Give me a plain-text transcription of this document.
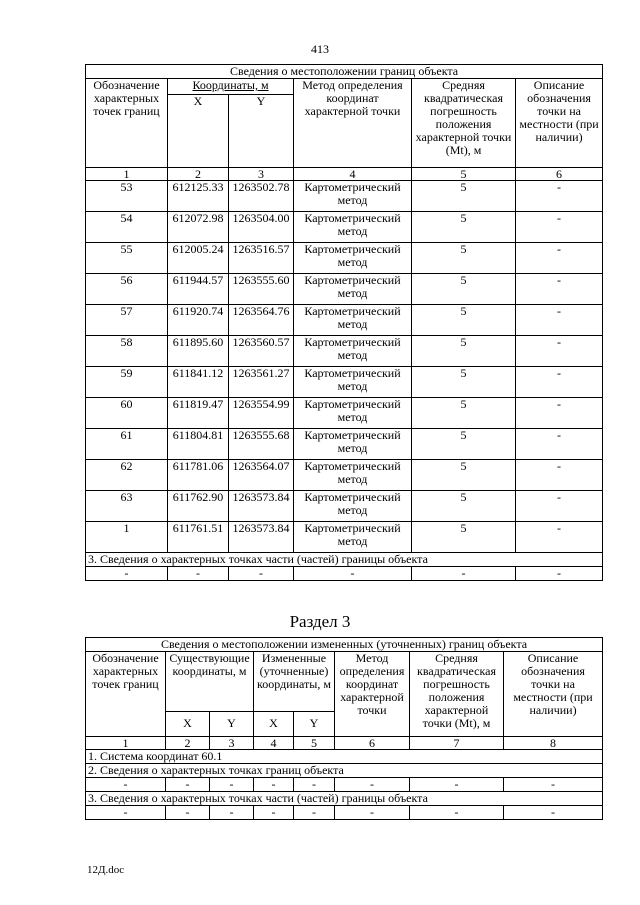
413
Сведения о местоположении границ объекта					
Обозначение характерных точек границ	Координаты, м		Метод определения координат характерной точки	Средняя квадратическая погрешность положения характерной точки (Mt), м	Описание обозначения точки на местности (при наличии)
	X	Y			
1	2	3	4	5	6
53	612125.33	1263502.78	Картометрический метод	5	-
54	612072.98	1263504.00	Картометрический метод	5	-
55	612005.24	1263516.57	Картометрический метод	5	-
56	611944.57	1263555.60	Картометрический метод	5	-
57	611920.74	1263564.76	Картометрический метод	5	-
58	611895.60	1263560.57	Картометрический метод	5	-
59	611841.12	1263561.27	Картометрический метод	5	-
60	611819.47	1263554.99	Картометрический метод	5	-
61	611804.81	1263555.68	Картометрический метод	5	-
62	611781.06	1263564.07	Картометрический метод	5	-
63	611762.90	1263573.84	Картометрический метод	5	-
1	611761.51	1263573.84	Картометрический метод	5	-
3. Сведения о характерных точках части (частей) границы объекта					
-	-	-	-	-	-
Раздел 3
Сведения о местоположении измененных (уточненных) границ объекта							
Обозначение характерных точек границ	Существующие координаты, м		Измененные (уточненные) координаты, м		Метод определения координат характерной точки	Средняя квадратическая погрешность положения характерной точки (Mt), м	Описание обозначения точки на местности (при наличии)
	X	Y	X	Y			
1	2	3	4	5	6	7	8
1. Система координат 60.1							
2. Сведения о характерных точках границ объекта							
-	-	-	-	-	-	-	-
3. Сведения о характерных точках части (частей) границы объекта							
-	-	-	-	-	-	-	-
12Д.doc
